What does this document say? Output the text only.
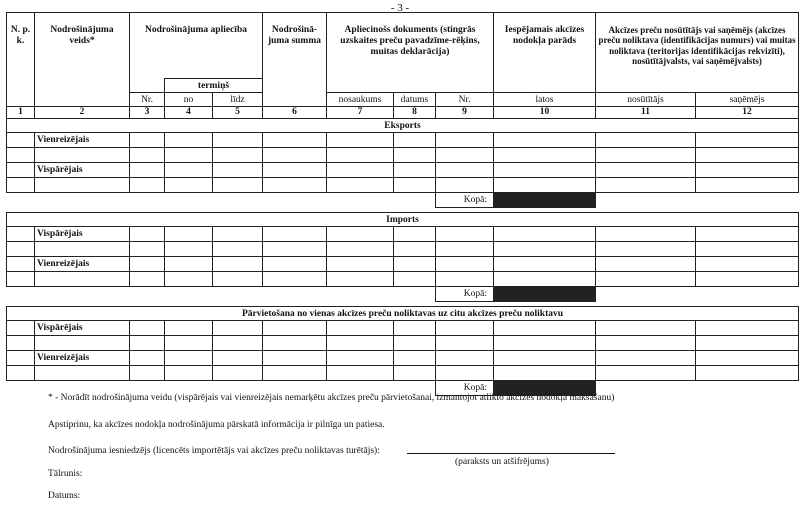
- 3 -
N. p. k.	Nodrošinājuma veids*	Nodrošinājuma apliecība			Nodrošinā-juma summa	Apliecinošs dokuments (stingrās uzskaites preču pavadzīme-rēķins, muitas deklarācija)			Iespējamais akcīzes nodokļa parāds	Akcīzes preču nosūtītājs vai saņēmējs (akcīzes preču noliktava (identifikācijas numurs) vai muitas noliktava (teritorijas identifikācijas rekvizīti), nosūtītājvalsts, vai saņēmējvalsts)	
			termiņš								
		Nr.	no	līdz		nosaukums	datums	Nr.	latos	nosūtītājs	saņēmējs
1	2	3	4	5	6	7	8	9	10	11	12
Eksports											
	Vienreizējais										

	Vispārējais										

								Kopā:			

Imports											
	Vispārējais										

	Vienreizējais										

								Kopā:			

Pārvietošana no vienas akcīzes preču noliktavas uz citu akcīzes preču noliktavu											
	Vispārējais										

	Vienreizējais										

								Kopā:			
* - Norādīt nodrošinājuma veidu (vispārējais vai vienreizējais nemarķētu akcīzes preču pārvietošanai, izmantojot atlikto akcīzes nodokļa maksāšanu)
Apstiprinu, ka akcīzes nodokļa nodrošinājuma pārskatā informācija ir pilnīga un patiesa.
Nodrošinājuma iesniedzējs (licencēts importētājs vai akcīzes preču noliktavas turētājs):
(paraksts un atšifrējums)
Tālrunis:
Datums:
